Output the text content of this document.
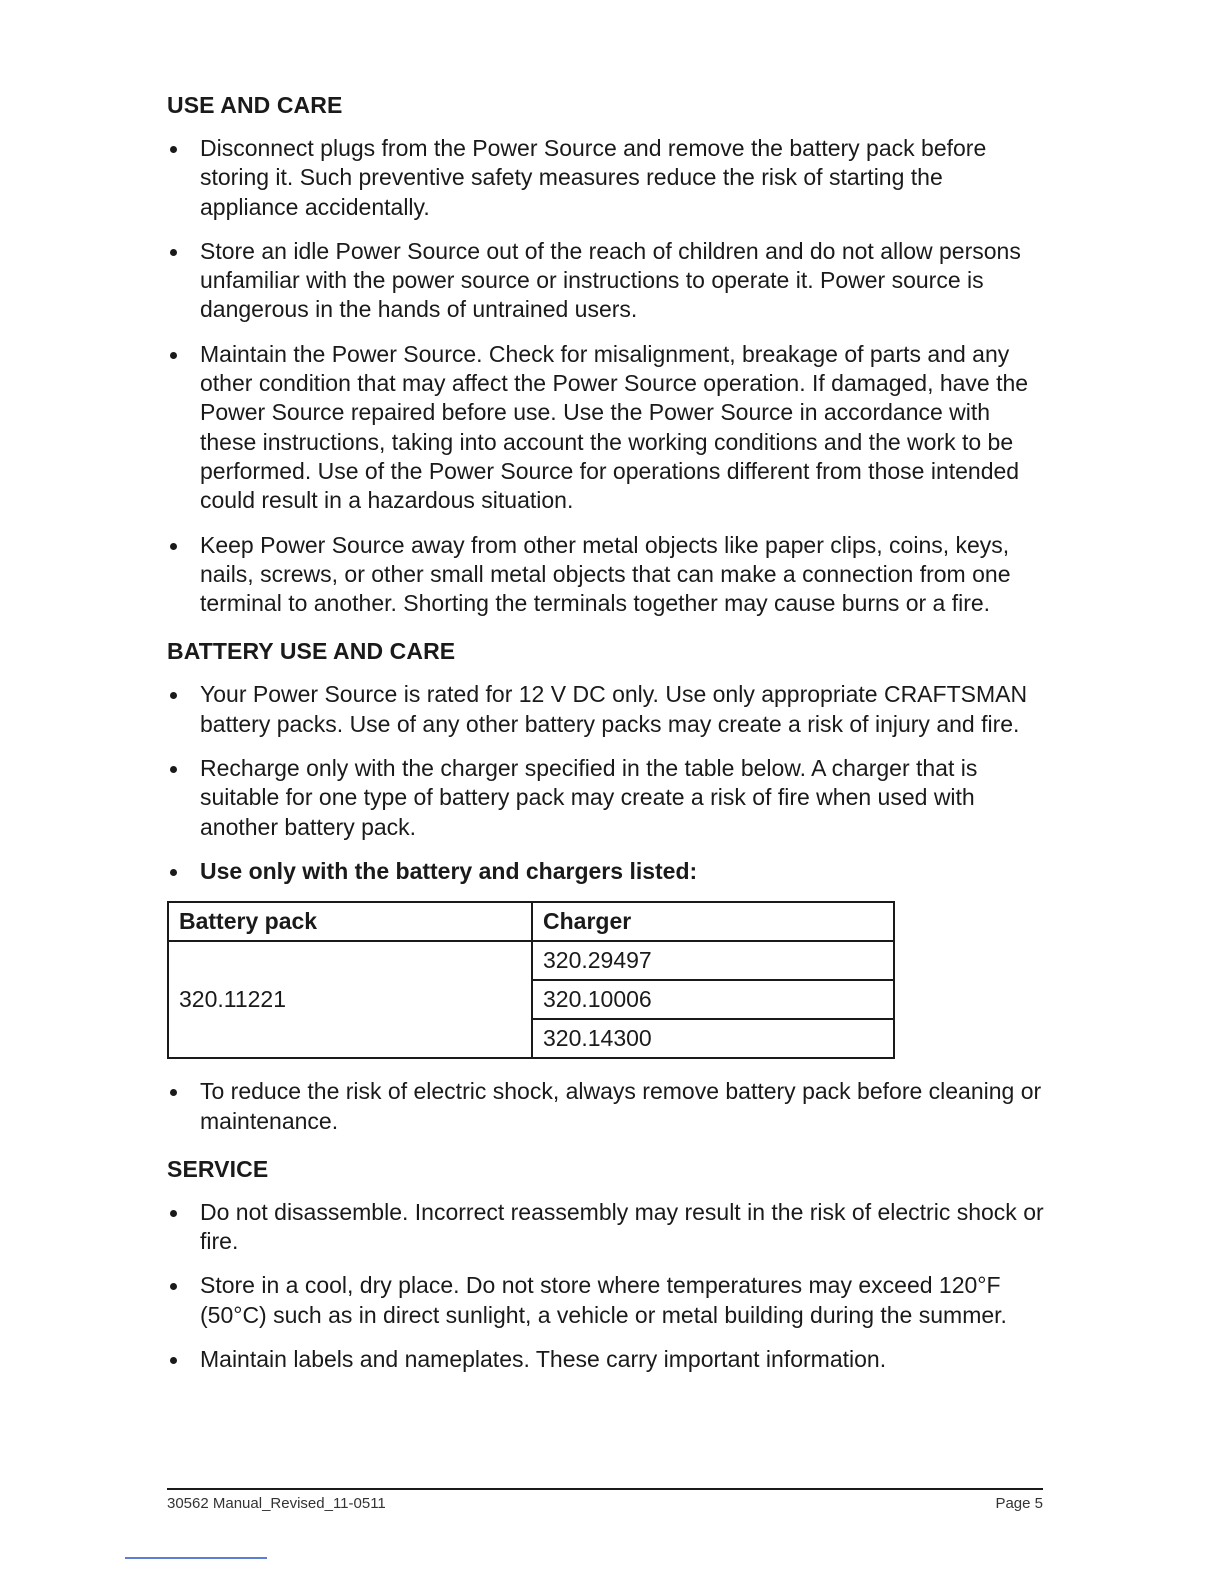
USE AND CARE
Disconnect plugs from the Power Source and remove the battery pack before storing it. Such preventive safety measures reduce the risk of starting the appliance accidentally.
Store an idle Power Source out of the reach of children and do not allow persons unfamiliar with the power source or instructions to operate it. Power source is dangerous in the hands of untrained users.
Maintain the Power Source. Check for misalignment, breakage of parts and any other condition that may affect the Power Source operation. If damaged, have the Power Source repaired before use. Use the Power Source in accordance with these instructions, taking into account the working conditions and the work to be performed. Use of the Power Source for operations different from those intended could result in a hazardous situation.
Keep Power Source away from other metal objects like paper clips, coins, keys, nails, screws, or other small metal objects that can make a connection from one terminal to another. Shorting the terminals together may cause burns or a fire.
BATTERY USE AND CARE
Your Power Source is rated for 12 V DC only. Use only appropriate CRAFTSMAN battery packs. Use of any other battery packs may create a risk of injury and fire.
Recharge only with the charger specified in the table below. A charger that is suitable for one type of battery pack may create a risk of fire when used with another battery pack.
Use only with the battery and chargers listed:
Battery pack	Charger
320.11221	320.29497
	320.10006
	320.14300
To reduce the risk of electric shock, always remove battery pack before cleaning or maintenance.
SERVICE
Do not disassemble. Incorrect reassembly may result in the risk of electric shock or fire.
Store in a cool, dry place. Do not store where temperatures may exceed 120°F (50°C) such as in direct sunlight, a vehicle or metal building during the summer.
Maintain labels and nameplates. These carry important information.
30562 Manual_Revised_11-0511	Page 5
